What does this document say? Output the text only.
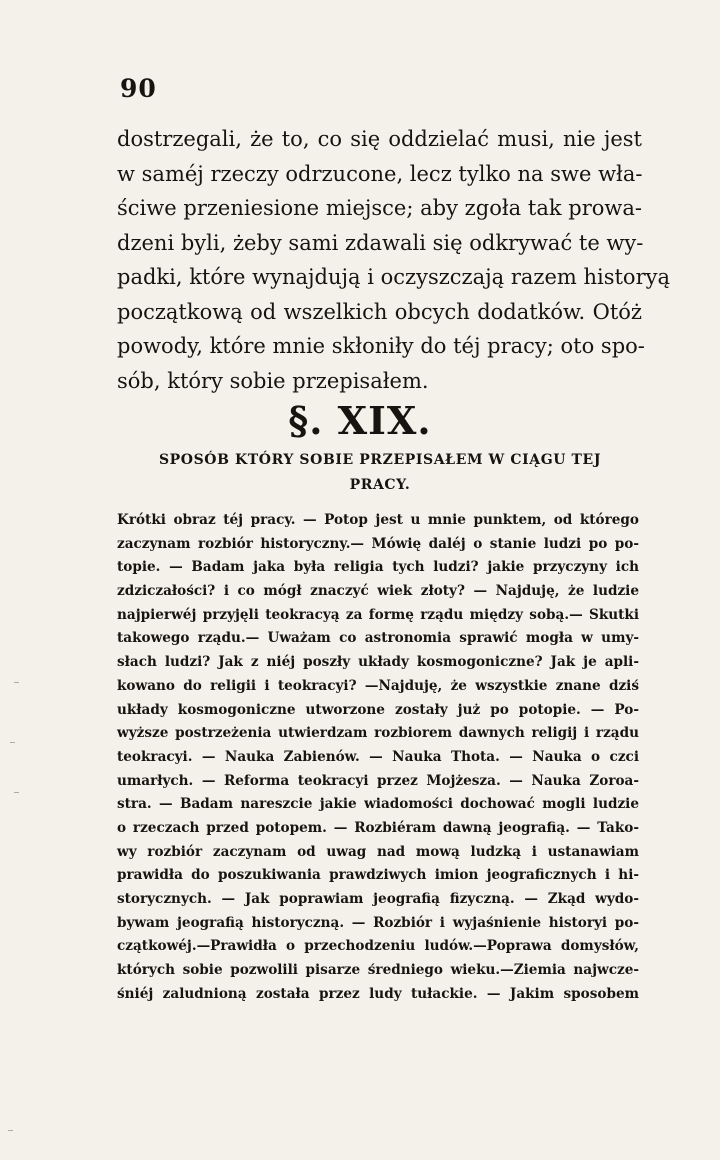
90
dostrzegali, że to, co się oddzielać musi, nie jest
w saméj rzeczy odrzucone, lecz tylko na swe wła-
ściwe przeniesione miejsce; aby zgoła tak prowa-
dzeni byli, żeby sami zdawali się odkrywać te wy-
padki, które wynajdują i oczyszczają razem historyą
początkową od wszelkich obcych dodatków. Otóż
powody, które mnie skłoniły do téj pracy; oto spo-
sób, który sobie przepisałem.
§. XIX.
SPOSÓB KTÓRY SOBIE PRZEPISAŁEM W CIĄGU TEJ
PRACY.
Krótki obraz téj pracy. — Potop jest u mnie punktem, od którego
zaczynam rozbiór historyczny.— Mówię daléj o stanie ludzi po po-
topie. — Badam jaka była religia tych ludzi? jakie przyczyny ich
zdziczałości? i co mógł znaczyć wiek złoty? — Najduję, że ludzie
najpierwéj przyjęli teokracyą za formę rządu między sobą.— Skutki
takowego rządu.— Uważam co astronomia sprawić mogła w umy-
słach ludzi? Jak z niéj poszły układy kosmogoniczne? Jak je apli-
kowano do religii i teokracyi? —Najduję, że wszystkie znane dziś
układy kosmogoniczne utworzone zostały już po potopie. — Po-
wyższe postrzeżenia utwierdzam rozbiorem dawnych religij i rządu
teokracyi. — Nauka Zabienów. — Nauka Thota. — Nauka o czci
umarłych. — Reforma teokracyi przez Mojżesza. — Nauka Zoroa-
stra. — Badam nareszcie jakie wiadomości dochować mogli ludzie
o rzeczach przed potopem. — Rozbiéram dawną jeografią. — Tako-
wy rozbiór zaczynam od uwag nad mową ludzką i ustanawiam
prawidła do poszukiwania prawdziwych imion jeograficznych i hi-
storycznych. — Jak poprawiam jeografią fizyczną. — Zkąd wydo-
bywam jeografią historyczną. — Rozbiór i wyjaśnienie historyi po-
czątkowéj.—Prawidła o przechodzeniu ludów.—Poprawa domysłów,
których sobie pozwolili pisarze średniego wieku.—Ziemia najwcze-
śniéj zaludnioną została przez ludy tułackie. — Jakim sposobem
